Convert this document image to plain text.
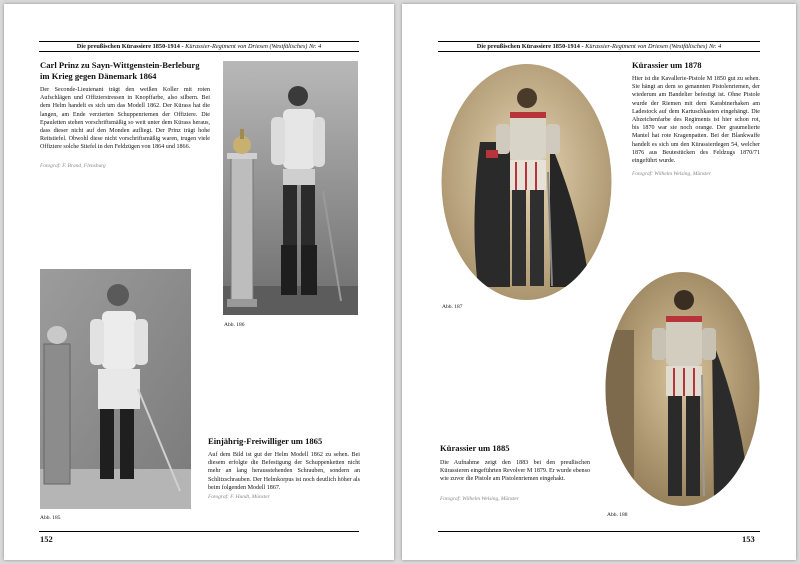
Die preußischen Kürassiere 1850-1914 - Kürassier-Regiment von Driesen (Westfälisches) Nr. 4
Carl Prinz zu Sayn-Wittgenstein-Berleburg im Krieg gegen Dänemark 1864
Der Seconde-Lieutenant trägt den weißen Koller mit roten Aufschlägen und Offizierstressen in Knopffarbe, also silbern. Bei dem Helm handelt es sich um das Modell 1862. Der Kürass hat die langen, am Ende verzierten Schuppenriemen der Offiziere. Die Epauletten stehen vorschriftsmäßig so weit unter dem Kürass heraus, dass dieser nicht auf den Monden aufliegt. Der Prinz trägt hohe Reitstiefel. Obwohl diese nicht vorschriftsmäßig waren, trugen viele Offiziere solche Stiefel in den Feldzügen von 1864 und 1866.
Fotograf: F. Brand, Flensburg
Abb. 186
Abb. 185
Einjährig-Freiwilliger um 1865
Auf dem Bild ist gut der Helm Modell 1862 zu sehen. Bei diesem erfolgte die Befestigung der Schuppenketten nicht mehr an lang herausstehenden Schrauben, sondern an Schlitzschrauben. Der Helmkorpus ist noch deutlich höher als beim folgenden Modell 1867.
Fotograf: F. Hundt, Münster
152
Die preußischen Kürassiere 1850-1914 - Kürassier-Regiment von Driesen (Westfälisches) Nr. 4
Abb. 187
Kürassier um 1878
Hier ist die Kavallerie-Pistole M 1850 gut zu sehen. Sie hängt an dem so genannten Pistolenriemen, der wiederum am Bandelier befestigt ist. Ohne Pistole wurde der Riemen mit dem Karabinerhaken am Ladestock auf dem Kartuschkasten eingehängt. Die Abzeichenfarbe des Regiments ist hier schon rot, bis 1870 war sie noch orange. Der graumelierte Mantel hat rote Kragenpatten. Bei der Blankwaffe handelt es sich um den Kürassierdegen 54, welcher 1876 aus Beutestücken des Feldzugs 1870/71 eingeführt wurde.
Fotograf: Wilhelm Welsing, Münster
Abb. 188
Kürassier um 1885
Die Aufnahme zeigt den 1883 bei den preußischen Kürassieren eingeführten Revolver M 1879. Er wurde ebenso wie zuvor die Pistole am Pistolenriemen eingehakt.
Fotograf: Wilhelm Welsing, Münster
153
